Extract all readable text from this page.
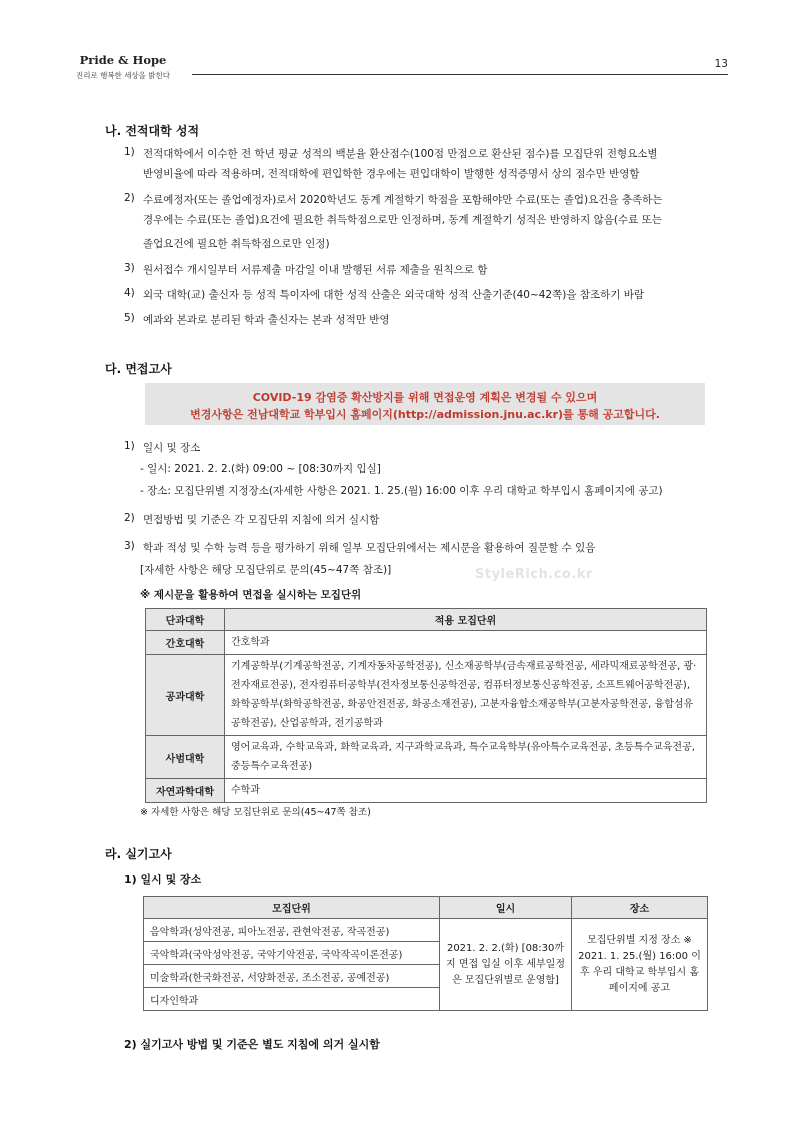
Pride & Hope
진리로 행복한 세상을 밝힌다
13
나. 전적대학 성적
1) 전적대학에서 이수한 전 학년 평균 성적의 백분율 환산점수(100점 만점으로 환산된 점수)를 모집단위 전형요소별
반영비율에 따라 적용하며, 전적대학에 편입학한 경우에는 편입대학이 발행한 성적증명서 상의 점수만 반영함
2) 수료예정자(또는 졸업예정자)로서 2020학년도 동계 계절학기 학점을 포함해야만 수료(또는 졸업)요건을 충족하는
경우에는 수료(또는 졸업)요건에 필요한 취득학점으로만 인정하며, 동계 계절학기 성적은 반영하지 않음(수료 또는
졸업요건에 필요한 취득학점으로만 인정)
3) 원서접수 개시일부터 서류제출 마감일 이내 발행된 서류 제출을 원칙으로 함
4) 외국 대학(교) 출신자 등 성적 특이자에 대한 성적 산출은 외국대학 성적 산출기준(40~42쪽)을 참조하기 바람
5) 예과와 본과로 분리된 학과 출신자는 본과 성적만 반영
다. 면접고사
COVID-19 감염증 확산방지를 위해 면접운영 계획은 변경될 수 있으며
변경사항은 전남대학교 학부입시 홈페이지(http://admission.jnu.ac.kr)를 통해 공고합니다.
1) 일시 및 장소
- 일시: 2021. 2. 2.(화) 09:00 ~ [08:30까지 입실]
- 장소: 모집단위별 지정장소(자세한 사항은 2021. 1. 25.(월) 16:00 이후 우리 대학교 학부입시 홈페이지에 공고)
2) 면접방법 및 기준은 각 모집단위 지침에 의거 실시함
3) 학과 적성 및 수학 능력 등을 평가하기 위해 일부 모집단위에서는 제시문을 활용하여 질문할 수 있음
[자세한 사항은 해당 모집단위로 문의(45~47쪽 참조)]	StyleRich.co.kr
※ 제시문을 활용하여 면접을 실시하는 모집단위
단과대학	적용 모집단위
간호대학	간호학과
공과대학	기계공학부(기계공학전공, 기계자동차공학전공), 신소재공학부(금속재료공학전공, 세라믹재료공학전공, 광·전자재료전공), 전자컴퓨터공학부(전자정보통신공학전공, 컴퓨터정보통신공학전공, 소프트웨어공학전공), 화학공학부(화학공학전공, 화공안전전공, 화공소재전공), 고분자융합소재공학부(고분자공학전공, 융합섬유공학전공), 산업공학과, 전기공학과
사범대학	영어교육과, 수학교육과, 화학교육과, 지구과학교육과, 특수교육학부(유아특수교육전공, 초등특수교육전공, 중등특수교육전공)
자연과학대학	수학과
※ 자세한 사항은 해당 모집단위로 문의(45~47쪽 참조)
라. 실기고사
1) 일시 및 장소
모집단위	일시	장소
음악학과(성악전공, 피아노전공, 관현악전공, 작곡전공)	2021. 2. 2.(화) [08:30까지 면접 입실 이후 세부일정은 모집단위별로 운영함]	모집단위별 지정 장소 ※ 2021. 1. 25.(월) 16:00 이후 우리 대학교 학부입시 홈페이지에 공고
국악학과(국악성악전공, 국악기악전공, 국악작곡이론전공)		
미술학과(한국화전공, 서양화전공, 조소전공, 공예전공)		
디자인학과		
2) 실기고사 방법 및 기준은 별도 지침에 의거 실시함
